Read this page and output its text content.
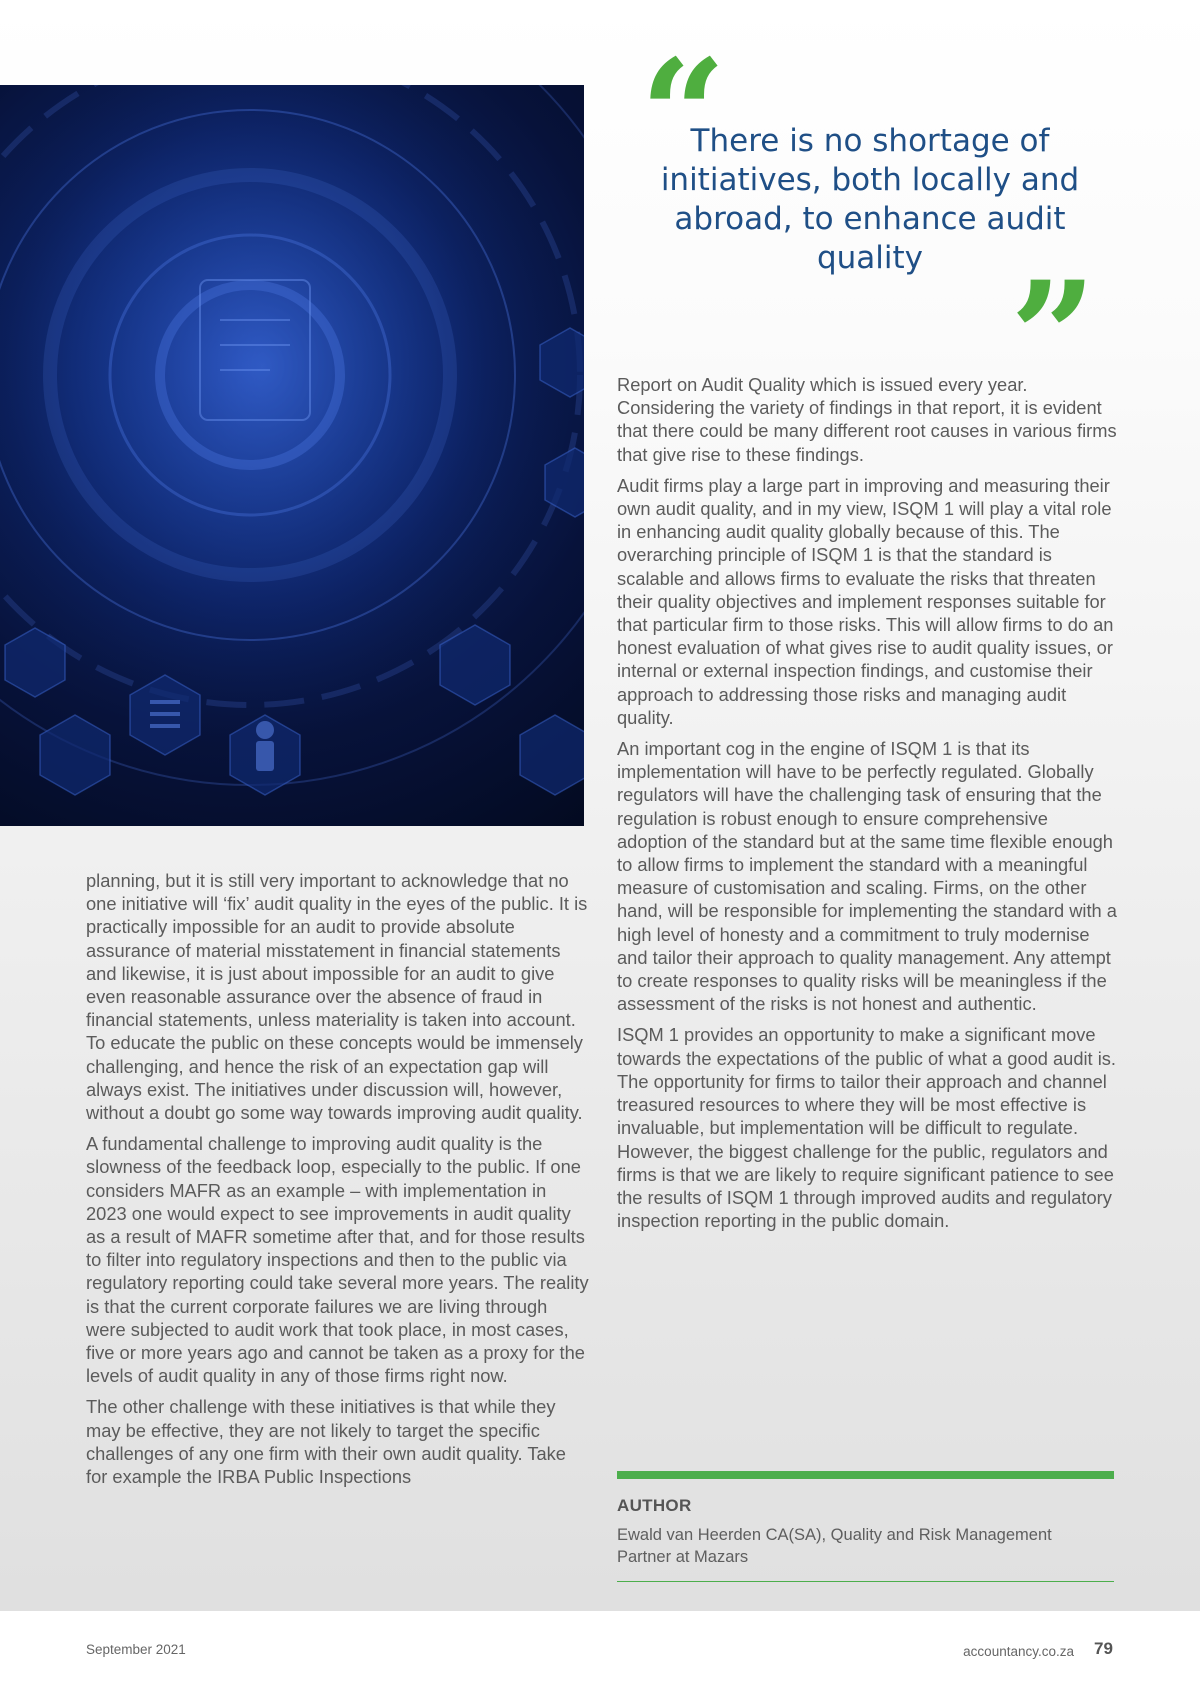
“
There is no shortage of initiatives, both locally and abroad, to enhance audit quality ”

planning, but it is still very important to acknowledge that no one initiative will ‘fix’ audit quality in the eyes of the public. It is practically impossible for an audit to provide absolute assurance of material misstatement in financial statements and likewise, it is just about impossible for an audit to give even reasonable assurance over the absence of fraud in financial statements, unless materiality is taken into account. To educate the public on these concepts would be immensely challenging, and hence the risk of an expectation gap will always exist. The initiatives under discussion will, however, without a doubt go some way towards improving audit quality.

A fundamental challenge to improving audit quality is the slowness of the feedback loop, especially to the public. If one considers MAFR as an example – with implementation in 2023 one would expect to see improvements in audit quality as a result of MAFR sometime after that, and for those results to filter into regulatory inspections and then to the public via regulatory reporting could take several more years. The reality is that the current corporate failures we are living through were subjected to audit work that took place, in most cases, five or more years ago and cannot be taken as a proxy for the levels of audit quality in any of those firms right now.

The other challenge with these initiatives is that while they may be effective, they are not likely to target the specific challenges of any one firm with their own audit quality. Take for example the IRBA Public Inspections

Report on Audit Quality which is issued every year. Considering the variety of findings in that report, it is evident that there could be many different root causes in various firms that give rise to these findings.

Audit firms play a large part in improving and measuring their own audit quality, and in my view, ISQM 1 will play a vital role in enhancing audit quality globally because of this. The overarching principle of ISQM 1 is that the standard is scalable and allows firms to evaluate the risks that threaten their quality objectives and implement responses suitable for that particular firm to those risks. This will allow firms to do an honest evaluation of what gives rise to audit quality issues, or internal or external inspection findings, and customise their approach to addressing those risks and managing audit quality.

An important cog in the engine of ISQM 1 is that its implementation will have to be perfectly regulated. Globally regulators will have the challenging task of ensuring that the regulation is robust enough to ensure comprehensive adoption of the standard but at the same time flexible enough to allow firms to implement the standard with a meaningful measure of customisation and scaling. Firms, on the other hand, will be responsible for implementing the standard with a high level of honesty and a commitment to truly modernise and tailor their approach to quality management. Any attempt to create responses to quality risks will be meaningless if the assessment of the risks is not honest and authentic.

ISQM 1 provides an opportunity to make a significant move towards the expectations of the public of what a good audit is. The opportunity for firms to tailor their approach and channel treasured resources to where they will be most effective is invaluable, but implementation will be difficult to regulate. However, the biggest challenge for the public, regulators and firms is that we are likely to require significant patience to see the results of ISQM 1 through improved audits and regulatory inspection reporting in the public domain.

AUTHOR
Ewald van Heerden CA(SA), Quality and Risk Management Partner at Mazars
September 2021	accountancy.co.za 79
